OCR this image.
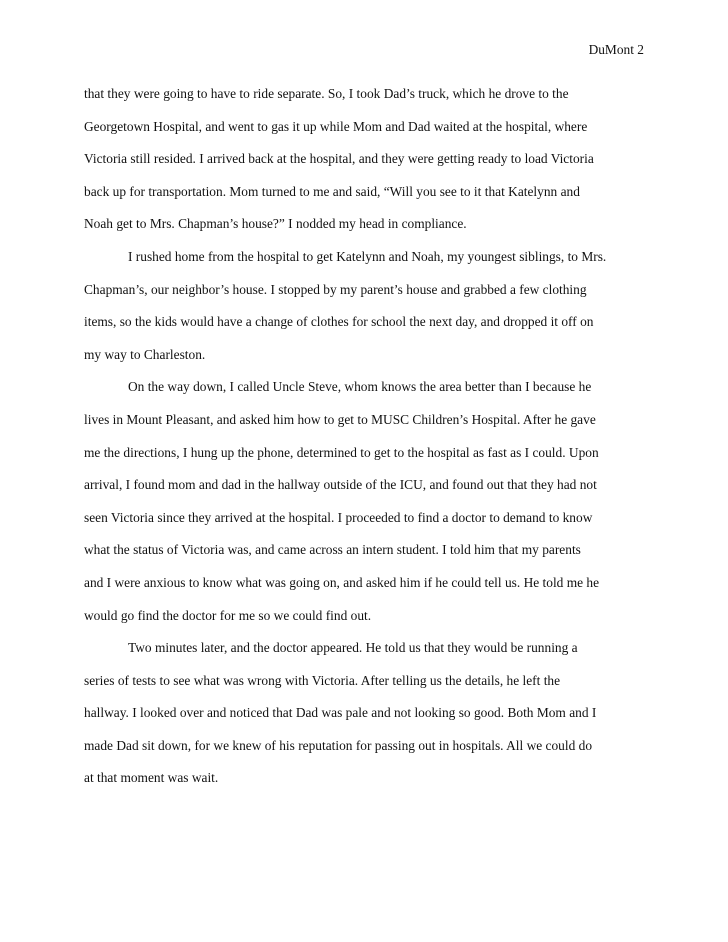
DuMont 2
that they were going to have to ride separate. So, I took Dad’s truck, which he drove to the
Georgetown Hospital, and went to gas it up while Mom and Dad waited at the hospital, where
Victoria still resided. I arrived back at the hospital, and they were getting ready to load Victoria
back up for transportation. Mom turned to me and said, “Will you see to it that Katelynn and
Noah get to Mrs. Chapman’s house?” I nodded my head in compliance.
I rushed home from the hospital to get Katelynn and Noah, my youngest siblings, to Mrs.
Chapman’s, our neighbor’s house. I stopped by my parent’s house and grabbed a few clothing
items, so the kids would have a change of clothes for school the next day, and dropped it off on
my way to Charleston.
On the way down, I called Uncle Steve, whom knows the area better than I because he
lives in Mount Pleasant, and asked him how to get to MUSC Children’s Hospital. After he gave
me the directions, I hung up the phone, determined to get to the hospital as fast as I could. Upon
arrival, I found mom and dad in the hallway outside of the ICU, and found out that they had not
seen Victoria since they arrived at the hospital. I proceeded to find a doctor to demand to know
what the status of Victoria was, and came across an intern student. I told him that my parents
and I were anxious to know what was going on, and asked him if he could tell us. He told me he
would go find the doctor for me so we could find out.
Two minutes later, and the doctor appeared. He told us that they would be running a
series of tests to see what was wrong with Victoria. After telling us the details, he left the
hallway. I looked over and noticed that Dad was pale and not looking so good. Both Mom and I
made Dad sit down, for we knew of his reputation for passing out in hospitals. All we could do
at that moment was wait.
